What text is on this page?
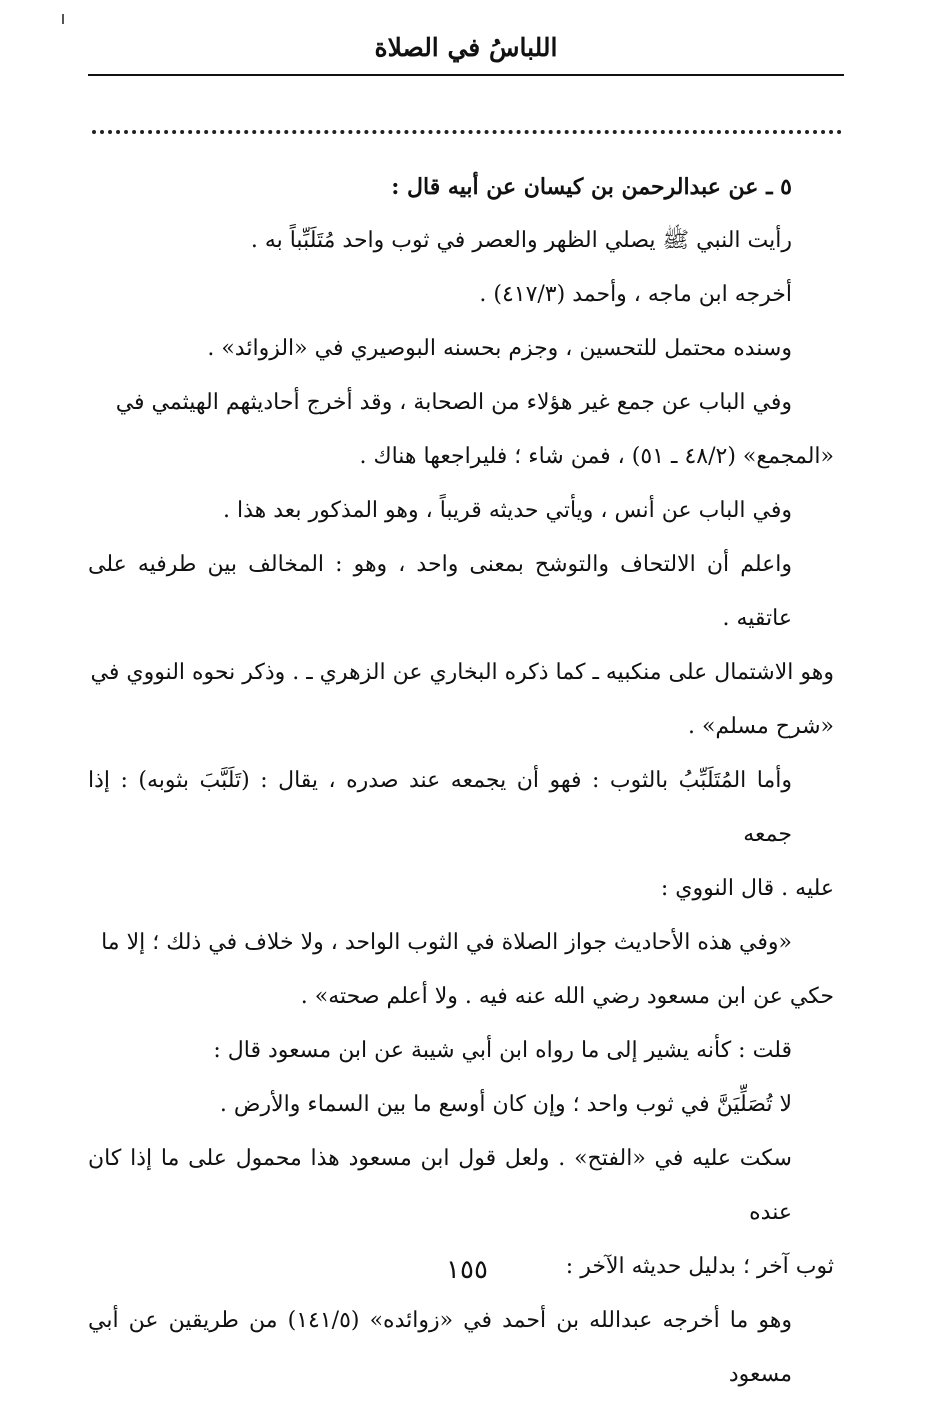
اللباسُ في الصلاة

٥ ـ عن عبدالرحمن بن كيسان عن أبيه قال :

رأيت النبي ﷺ يصلي الظهر والعصر في ثوب واحد مُتَلَبِّباً به .

أخرجه ابن ماجه ، وأحمد (٤١٧/٣) .

وسنده محتمل للتحسين ، وجزم بحسنه البوصيري في «الزوائد» .

وفي الباب عن جمع غير هؤلاء من الصحابة ، وقد أخرج أحاديثهم الهيثمي في

«المجمع» (٤٨/٢ ـ ٥١) ، فمن شاء ؛ فليراجعها هناك .

وفي الباب عن أنس ، ويأتي حديثه قريباً ، وهو المذكور بعد هذا .

واعلم أن الالتحاف والتوشح بمعنى واحد ، وهو : المخالف بين طرفيه على عاتقيه .

وهو الاشتمال على منكبيه ـ كما ذكره البخاري عن الزهري ـ . وذكر نحوه النووي في

«شرح مسلم» .

وأما المُتَلَبِّبُ بالثوب : فهو أن يجمعه عند صدره ، يقال : (تَلَبَّبَ بثوبه) : إذا جمعه

عليه . قال النووي :

«وفي هذه الأحاديث جواز الصلاة في الثوب الواحد ، ولا خلاف في ذلك ؛ إلا ما

حكي عن ابن مسعود رضي الله عنه فيه . ولا أعلم صحته» .

قلت : كأنه يشير إلى ما رواه ابن أبي شيبة عن ابن مسعود قال :

لا تُصَلِّيَنَّ في ثوب واحد ؛ وإن كان أوسع ما بين السماء والأرض .

سكت عليه في «الفتح» . ولعل قول ابن مسعود هذا محمول على ما إذا كان عنده

ثوب آخر ؛ بدليل حديثه الآخر :

وهو ما أخرجه عبدالله بن أحمد في «زوائده» (١٤١/٥) من طريقين عن أبي مسعود

١٥٥
